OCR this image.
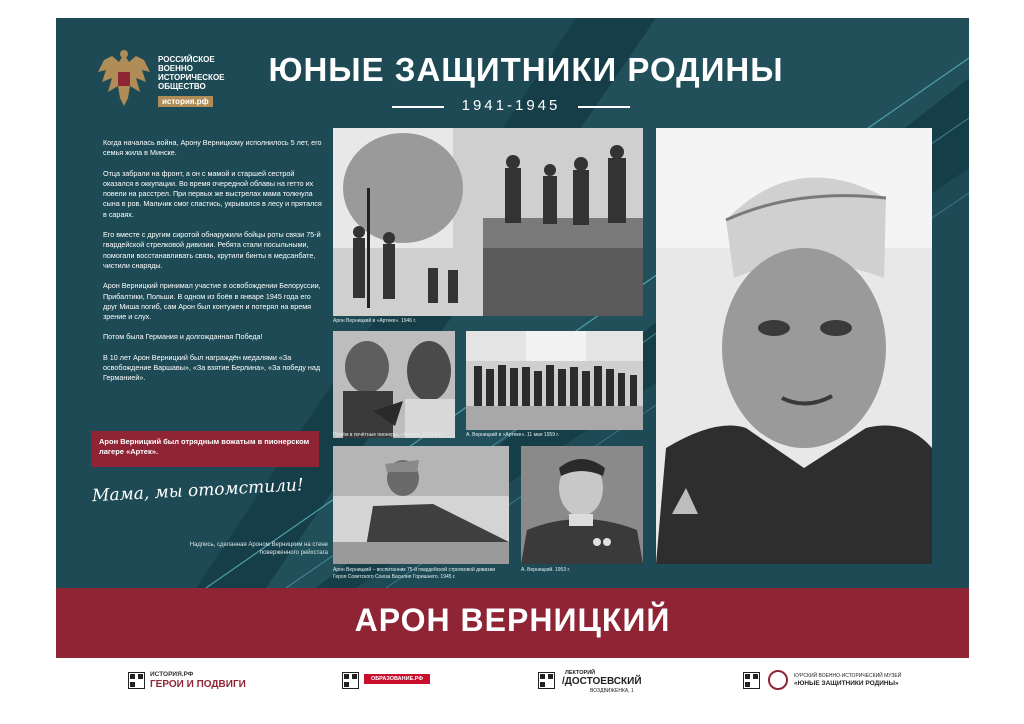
РОССИЙСКОЕ
ВОЕННО
ИСТОРИЧЕСКОЕ
ОБЩЕСТВО
история.рф
ЮНЫЕ ЗАЩИТНИКИ РОДИНЫ
1941-1945

Когда началась война, Арону Верницкому исполнилось 5 лет, его семья жила в Минске.

Отца забрали на фронт, а он с мамой и старшей сестрой оказался в оккупации. Во время очередной облавы на гетто их повели на расстрел. При первых же выстрелах мама толкнула сына в ров. Мальчик смог спастись, укрывался в лесу и прятался в сараях.

Его вместе с другим сиротой обнаружили бойцы роты связи 75-й гвардейской стрелковой дивизии. Ребята стали посыльными, помогали восстанавливать связь, крутили бинты в медсанбате, чистили снаряды.

Арон Верницкий принимал участие в освобождении Белоруссии, Прибалтики, Польши. В одном из боёв в январе 1945 года его друг Миша погиб, сам Арон был контужен и потерял на время зрение и слух.

Потом была Германия и долгожданная Победа!

В 10 лет Арон Верницкий был награждён медалями «За освобождение Варшавы», «За взятие Берлина», «За победу над Германией».

Арон Верницкий был отрядным вожатым в пионерском лагере «Артек».
Мама, мы отомстили!
Надпись, сделанная Ароном Верницким на стене поверженного рейхстага
Арон Верницкий в «Артеке». 1946 г.
Приём в почётные пионеры, «Артек», 1970-е гг.	А. Верницкий в «Артеке». 11 мая 1959 г.
Арон Верницкий – воспитанник 75-й гвардейской стрелковой дивизии Героя Советского Союза Василия Горишнего. 1945 г.
А. Верницкий. 1953 г.
АРОН ВЕРНИЦКИЙ
ИСТОРИЯ.РФ
ГЕРОИ И ПОДВИГИ	ОБРАЗОВАНИЕ.РФ
ЛЕКТОРИЙ
/ДОСТОЕВСКИЙ
ВОЗДВИЖЕНКА, 1
КУРСКИЙ ВОЕННО-ИСТОРИЧЕСКИЙ МУЗЕЙ
«ЮНЫЕ ЗАЩИТНИКИ РОДИНЫ»
